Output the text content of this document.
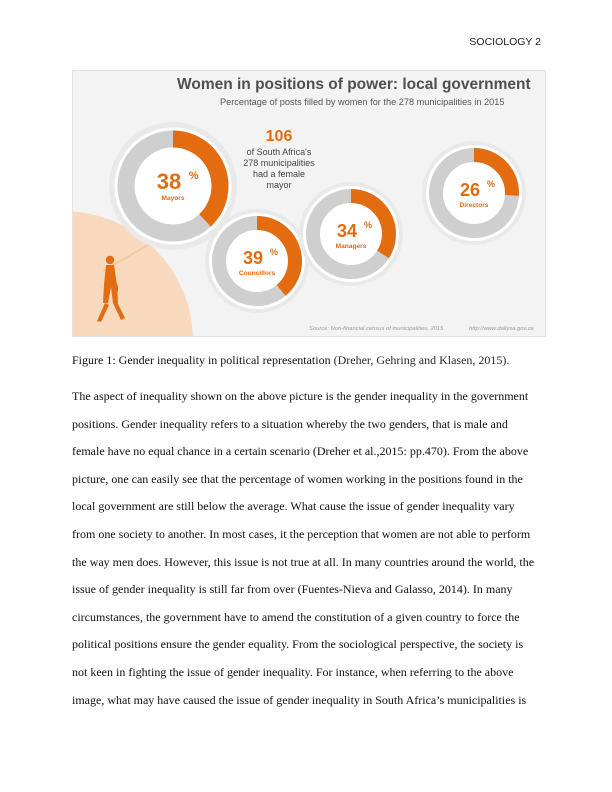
SOCIOLOGY 2
Women in positions of power: local government
Percentage of posts filled by women for the 278 municipalities in 2015
106
of South Africa's
278 municipalities
had a female
mayor
38 %
Mayors
39 %
Councillors
34 %
Managers
26 %
Directors
Source: Non-financial census of municipalities, 2015	http://www.dailysa.gov.za
Figure 1: Gender inequality in political representation (Dreher, Gehring and Klasen, 2015).
The aspect of inequality shown on the above picture is the gender inequality in the government
positions. Gender inequality refers to a situation whereby the two genders, that is male and
female have no equal chance in a certain scenario (Dreher et al.,2015: pp.470). From the above
picture, one can easily see that the percentage of women working in the positions found in the
local government are still below the average. What cause the issue of gender inequality vary
from one society to another. In most cases, it the perception that women are not able to perform
the way men does. However, this issue is not true at all. In many countries around the world, the
issue of gender inequality is still far from over (Fuentes-Nieva and Galasso, 2014). In many
circumstances, the government have to amend the constitution of a given country to force the
political positions ensure the gender equality. From the sociological perspective, the society is
not keen in fighting the issue of gender inequality. For instance, when referring to the above
image, what may have caused the issue of gender inequality in South Africa’s municipalities is
